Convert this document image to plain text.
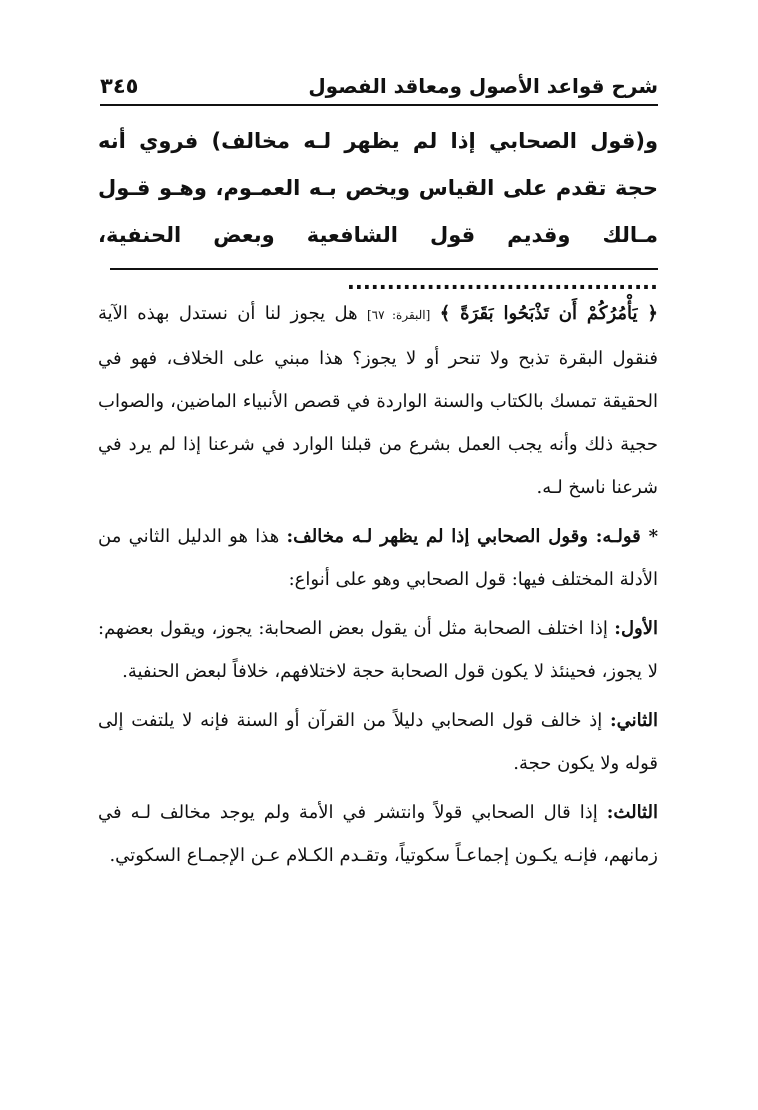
شرح قواعد الأصول ومعاقد الفصول
٣٤٥
و(قول الصحابي إذا لم يظهر لـه مخالف) فروي أنه حجة تقدم على القياس ويخص بـه العمـوم، وهـو قـول مـالك وقديم قول الشافعية وبعض الحنفية، .......................................

﴿ يَأْمُرُكُمْ أَن تَذْبَحُوا بَقَرَةً ﴾ [البقرة: ٦٧] هل يجوز لنا أن نستدل بهذه الآية فنقول البقرة تذبح ولا تنحر أو لا يجوز؟ هذا مبني على الخلاف، فهو في الحقيقة تمسك بالكتاب والسنة الواردة في قصص الأنبياء الماضين، والصواب حجية ذلك وأنه يجب العمل بشرع من قبلنا الوارد في شرعنا إذا لم يرد في شرعنا ناسخ لـه.

* قولـه: وقول الصحابي إذا لم يظهر لـه مخالف: هذا هو الدليل الثاني من الأدلة المختلف فيها: قول الصحابي وهو على أنواع:

الأول: إذا اختلف الصحابة مثل أن يقول بعض الصحابة: يجوز، ويقول بعضهم: لا يجوز، فحينئذ لا يكون قول الصحابة حجة لاختلافهم، خلافاً لبعض الحنفية.

الثاني: إذ خالف قول الصحابي دليلاً من القرآن أو السنة فإنه لا يلتفت إلى قوله ولا يكون حجة.

الثالث: إذا قال الصحابي قولاً وانتشر في الأمة ولم يوجد مخالف لـه في زمانهم، فإنـه يكـون إجماعـاً سكوتياً، وتقـدم الكـلام عـن الإجمـاع السكوتي.
